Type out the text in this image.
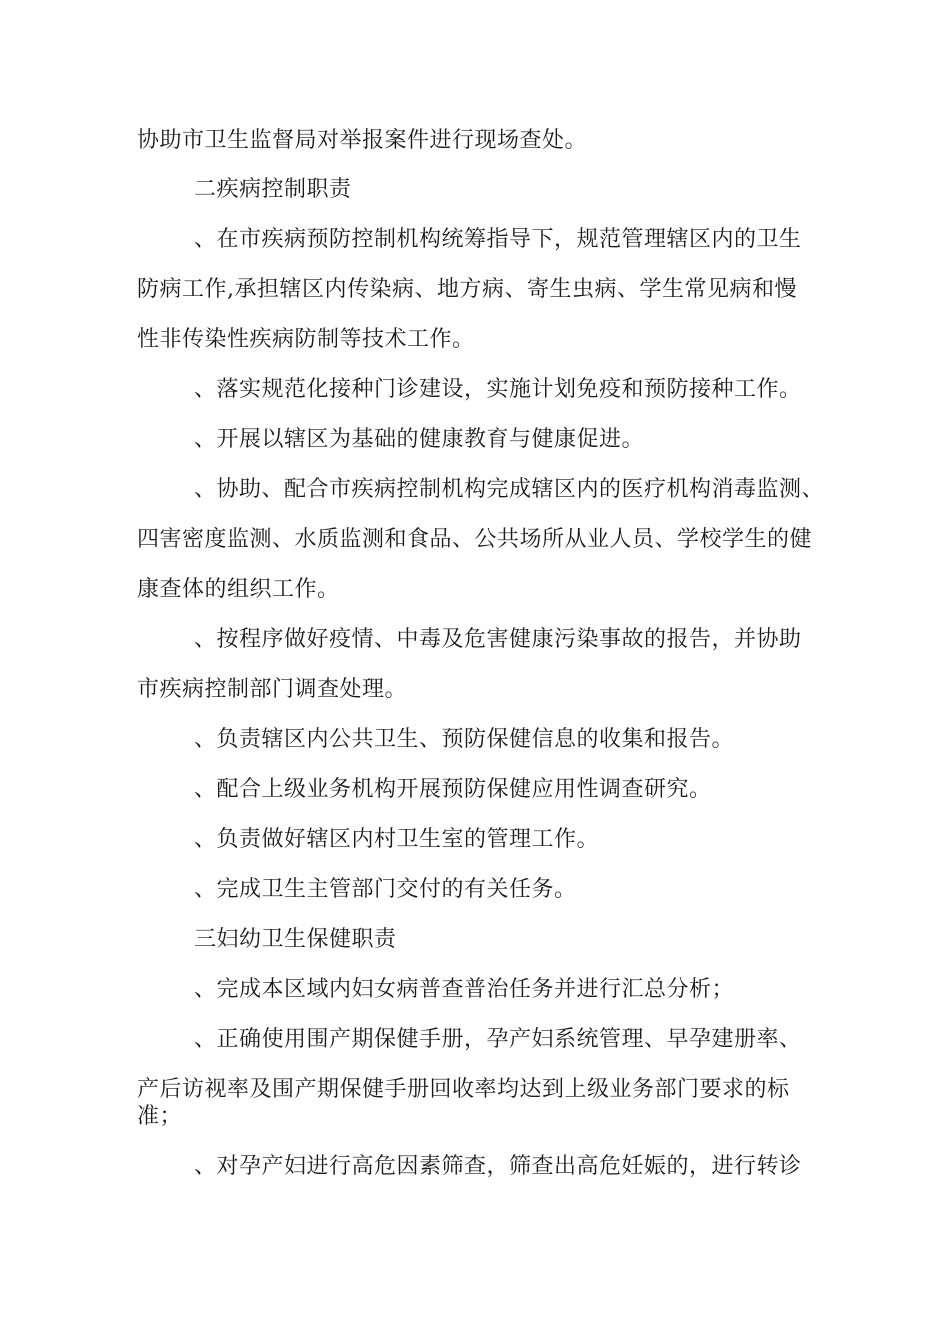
协助市卫生监督局对举报案件进行现场查处。
二疾病控制职责
、在市疾病预防控制机构统筹指导下，规范管理辖区内的卫生
防病工作,承担辖区内传染病、地方病、寄生虫病、学生常见病和慢
性非传染性疾病防制等技术工作。
、落实规范化接种门诊建设，实施计划免疫和预防接种工作。
、开展以辖区为基础的健康教育与健康促进。
、协助、配合市疾病控制机构完成辖区内的医疗机构消毒监测、
四害密度监测、水质监测和食品、公共场所从业人员、学校学生的健
康查体的组织工作。
、按程序做好疫情、中毒及危害健康污染事故的报告，并协助
市疾病控制部门调查处理。
、负责辖区内公共卫生、预防保健信息的收集和报告。
、配合上级业务机构开展预防保健应用性调查研究。
、负责做好辖区内村卫生室的管理工作。
、完成卫生主管部门交付的有关任务。
三妇幼卫生保健职责
、完成本区域内妇女病普查普治任务并进行汇总分析；
、正确使用围产期保健手册，孕产妇系统管理、早孕建册率、
产后访视率及围产期保健手册回收率均达到上级业务部门要求的标
准；
、对孕产妇进行高危因素筛查，筛查出高危妊娠的，进行转诊
